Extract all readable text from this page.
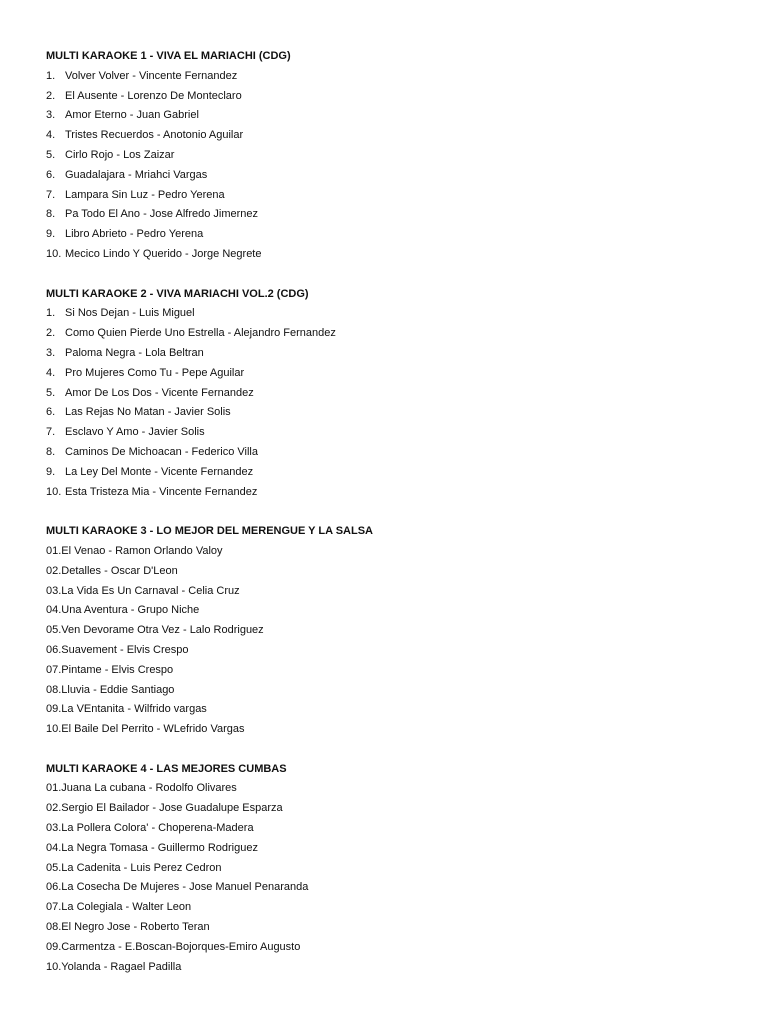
MULTI KARAOKE 1 - VIVA EL MARIACHI (CDG)
1. Volver Volver - Vincente Fernandez
2. El Ausente - Lorenzo De Monteclaro
3. Amor Eterno - Juan Gabriel
4. Tristes Recuerdos - Anotonio Aguilar
5. Cirlo Rojo - Los Zaizar
6. Guadalajara - Mriahci Vargas
7. Lampara Sin Luz - Pedro Yerena
8. Pa Todo El Ano - Jose Alfredo Jimernez
9. Libro Abrieto - Pedro Yerena
10. Mecico Lindo Y Querido - Jorge Negrete
MULTI KARAOKE 2 - VIVA MARIACHI VOL.2 (CDG)
1. Si Nos Dejan - Luis Miguel
2. Como Quien Pierde Uno Estrella - Alejandro Fernandez
3. Paloma Negra - Lola Beltran
4. Pro Mujeres Como Tu - Pepe Aguilar
5. Amor De Los Dos - Vicente Fernandez
6. Las Rejas No Matan - Javier Solis
7. Esclavo Y Amo - Javier Solis
8. Caminos De Michoacan - Federico Villa
9. La Ley Del Monte - Vicente Fernandez
10. Esta Tristeza Mia - Vincente Fernandez
MULTI KARAOKE 3 - LO MEJOR DEL MERENGUE Y LA SALSA
01. El Venao - Ramon Orlando Valoy
02. Detalles - Oscar D'Leon
03. La Vida Es Un Carnaval - Celia Cruz
04. Una Aventura - Grupo Niche
05. Ven Devorame Otra Vez - Lalo Rodriguez
06. Suavement - Elvis Crespo
07. Pintame - Elvis Crespo
08. Lluvia - Eddie Santiago
09. La VEntanita - Wilfrido vargas
10. El Baile Del Perrito - WLefrido Vargas
MULTI KARAOKE 4 - LAS MEJORES CUMBAS
01. Juana La cubana - Rodolfo Olivares
02. Sergio El Bailador - Jose Guadalupe Esparza
03. La Pollera Colora' - Choperena-Madera
04. La Negra Tomasa - Guillermo Rodriguez
05. La Cadenita - Luis Perez Cedron
06. La Cosecha De Mujeres - Jose Manuel Penaranda
07. La Colegiala - Walter Leon
08. El Negro Jose - Roberto Teran
09. Carmentza - E.Boscan-Bojorques-Emiro Augusto
10. Yolanda - Ragael Padilla
